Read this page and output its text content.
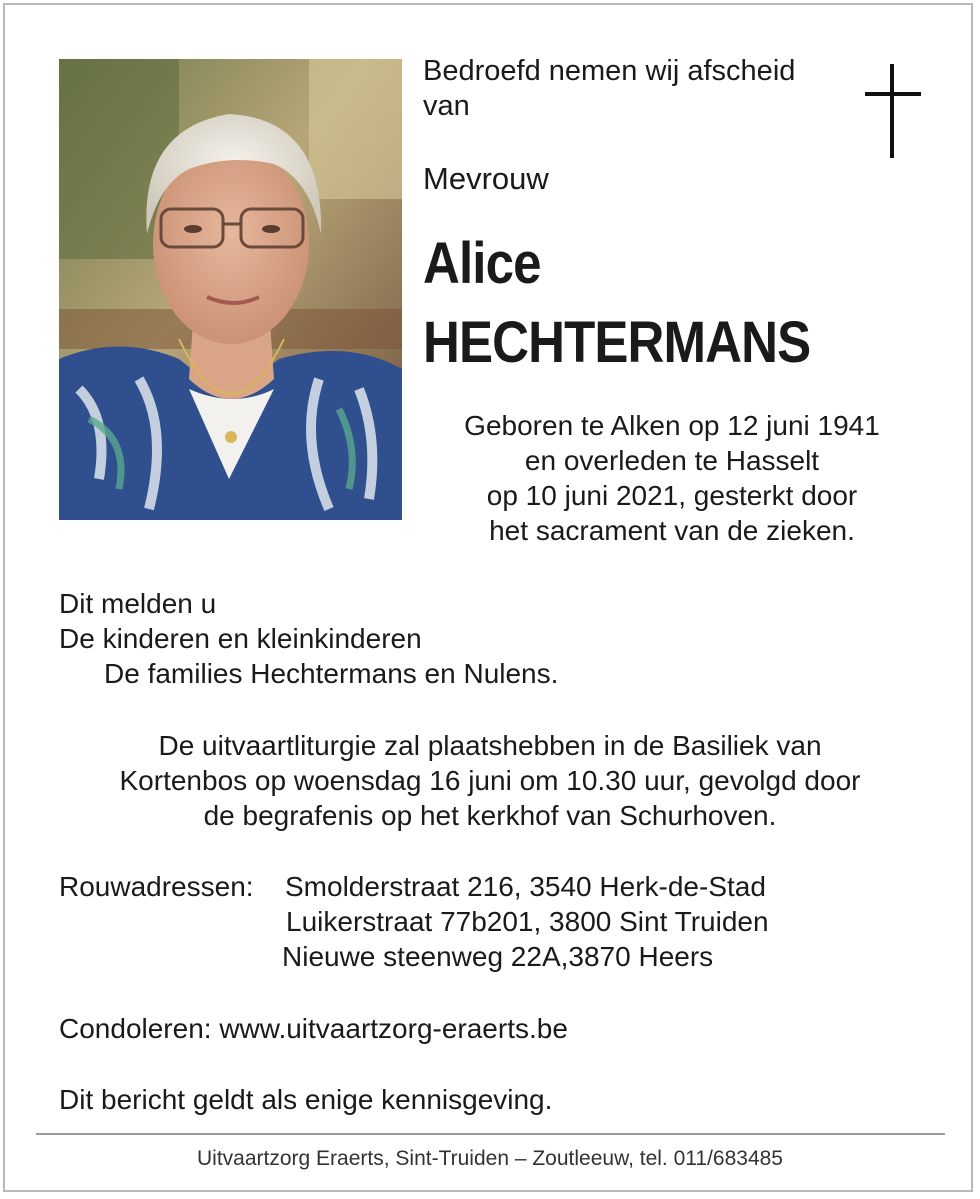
Bedroefd nemen wij afscheid
van
Mevrouw
Alice
HECHTERMANS
Geboren te Alken op 12 juni 1941
en overleden te Hasselt
op 10 juni 2021, gesterkt door
het sacrament van de zieken.
Dit melden u
De kinderen en kleinkinderen
De families Hechtermans en Nulens.
De uitvaartliturgie zal plaatshebben in de Basiliek van
Kortenbos op woensdag 16 juni om 10.30 uur, gevolgd door
de begrafenis op het kerkhof van Schurhoven.
Rouwadressen:	Smolderstraat 216, 3540 Herk-de-Stad
Luikerstraat 77b201, 3800 Sint Truiden
Nieuwe steenweg 22A,3870 Heers
Condoleren: www.uitvaartzorg-eraerts.be
Dit bericht geldt als enige kennisgeving.
Uitvaartzorg Eraerts, Sint-Truiden – Zoutleeuw, tel. 011/683485
